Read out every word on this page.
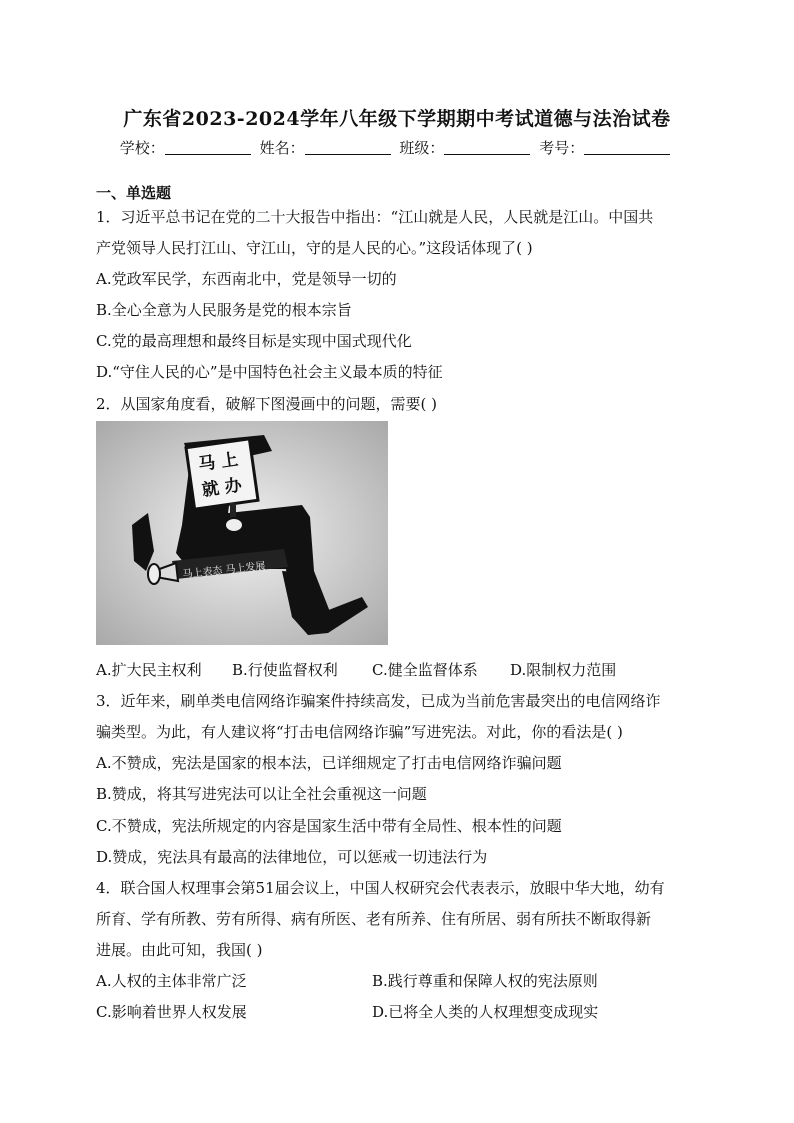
广东省2023-2024学年八年级下学期期中考试道德与法治试卷
学校：	姓名：	班级：	考号：
一、单选题
1．习近平总书记在党的二十大报告中指出：“江山就是人民，人民就是江山。中国共
产党领导人民打江山、守江山，守的是人民的心。”这段话体现了( )
A.党政军民学，东西南北中，党是领导一切的
B.全心全意为人民服务是党的根本宗旨
C.党的最高理想和最终目标是实现中国式现代化
D.“守住人民的心”是中国特色社会主义最本质的特征
2．从国家角度看，破解下图漫画中的问题，需要( )
马 上
就 办
马上表态 马上发展
A.扩大民主权利 B.行使监督权利 C.健全监督体系 D.限制权力范围
3．近年来，刷单类电信网络诈骗案件持续高发，已成为当前危害最突出的电信网络诈
骗类型。为此，有人建议将“打击电信网络诈骗”写进宪法。对此，你的看法是( )
A.不赞成，宪法是国家的根本法，已详细规定了打击电信网络诈骗问题
B.赞成，将其写进宪法可以让全社会重视这一问题
C.不赞成，宪法所规定的内容是国家生活中带有全局性、根本性的问题
D.赞成，宪法具有最高的法律地位，可以惩戒一切违法行为
4．联合国人权理事会第51届会议上，中国人权研究会代表表示，放眼中华大地，幼有
所育、学有所教、劳有所得、病有所医、老有所养、住有所居、弱有所扶不断取得新
进展。由此可知，我国( )
A.人权的主体非常广泛	B.践行尊重和保障人权的宪法原则
C.影响着世界人权发展	D.已将全人类的人权理想变成现实
